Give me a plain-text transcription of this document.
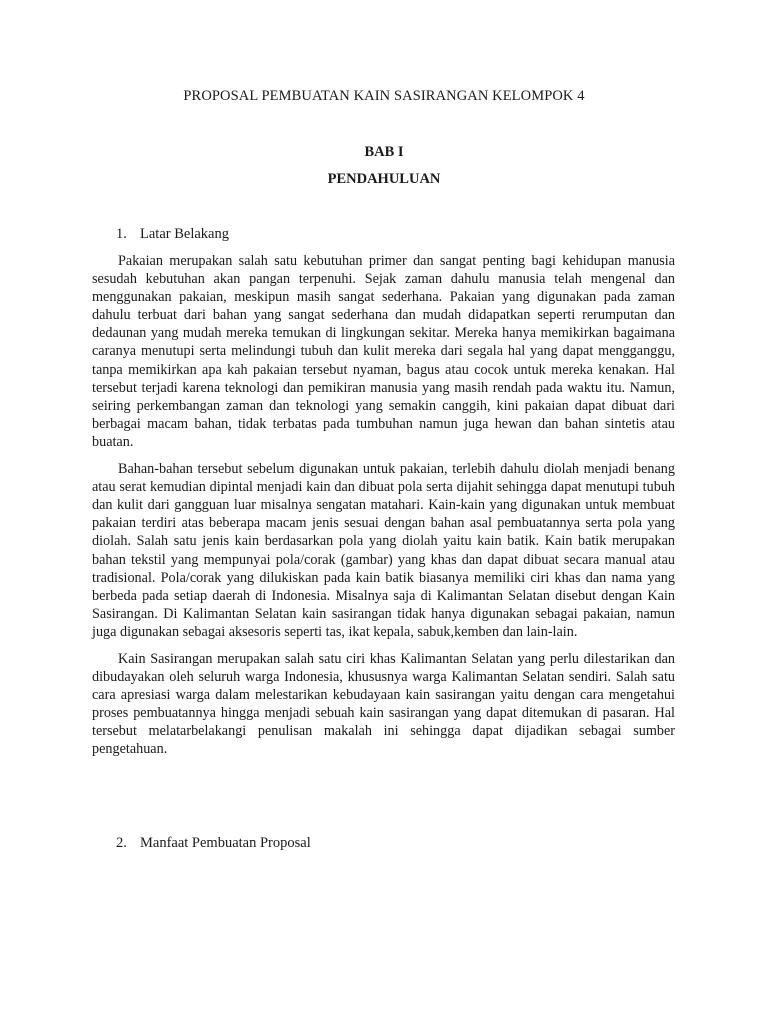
PROPOSAL PEMBUATAN KAIN SASIRANGAN KELOMPOK 4
BAB I
PENDAHULUAN
1. Latar Belakang

Pakaian merupakan salah satu kebutuhan primer dan sangat penting bagi kehidupan manusia sesudah kebutuhan akan pangan terpenuhi. Sejak zaman dahulu manusia telah mengenal dan menggunakan pakaian, meskipun masih sangat sederhana. Pakaian yang digunakan pada zaman dahulu terbuat dari bahan yang sangat sederhana dan mudah didapatkan seperti rerumputan dan dedaunan yang mudah mereka temukan di lingkungan sekitar. Mereka hanya memikirkan bagaimana caranya menutupi serta melindungi tubuh dan kulit mereka dari segala hal yang dapat mengganggu, tanpa memikirkan apa kah pakaian tersebut nyaman, bagus atau cocok untuk mereka kenakan. Hal tersebut terjadi karena teknologi dan pemikiran manusia yang masih rendah pada waktu itu. Namun, seiring perkembangan zaman dan teknologi yang semakin canggih, kini pakaian dapat dibuat dari berbagai macam bahan, tidak terbatas pada tumbuhan namun juga hewan dan bahan sintetis atau buatan.

Bahan-bahan tersebut sebelum digunakan untuk pakaian, terlebih dahulu diolah menjadi benang atau serat kemudian dipintal menjadi kain dan dibuat pola serta dijahit sehingga dapat menutupi tubuh dan kulit dari gangguan luar misalnya sengatan matahari. Kain-kain yang digunakan untuk membuat pakaian terdiri atas beberapa macam jenis sesuai dengan bahan asal pembuatannya serta pola yang diolah. Salah satu jenis kain berdasarkan pola yang diolah yaitu kain batik. Kain batik merupakan bahan tekstil yang mempunyai pola/corak (gambar) yang khas dan dapat dibuat secara manual atau tradisional. Pola/corak yang dilukiskan pada kain batik biasanya memiliki ciri khas dan nama yang berbeda pada setiap daerah di Indonesia. Misalnya saja di Kalimantan Selatan disebut dengan Kain Sasirangan. Di Kalimantan Selatan kain sasirangan tidak hanya digunakan sebagai pakaian, namun juga digunakan sebagai aksesoris seperti tas, ikat kepala, sabuk,kemben dan lain-lain.

Kain Sasirangan merupakan salah satu ciri khas Kalimantan Selatan yang perlu dilestarikan dan dibudayakan oleh seluruh warga Indonesia, khususnya warga Kalimantan Selatan sendiri. Salah satu cara apresiasi warga dalam melestarikan kebudayaan kain sasirangan yaitu dengan cara mengetahui proses pembuatannya hingga menjadi sebuah kain sasirangan yang dapat ditemukan di pasaran. Hal tersebut melatarbelakangi penulisan makalah ini sehingga dapat dijadikan sebagai sumber pengetahuan.

2. Manfaat Pembuatan Proposal
